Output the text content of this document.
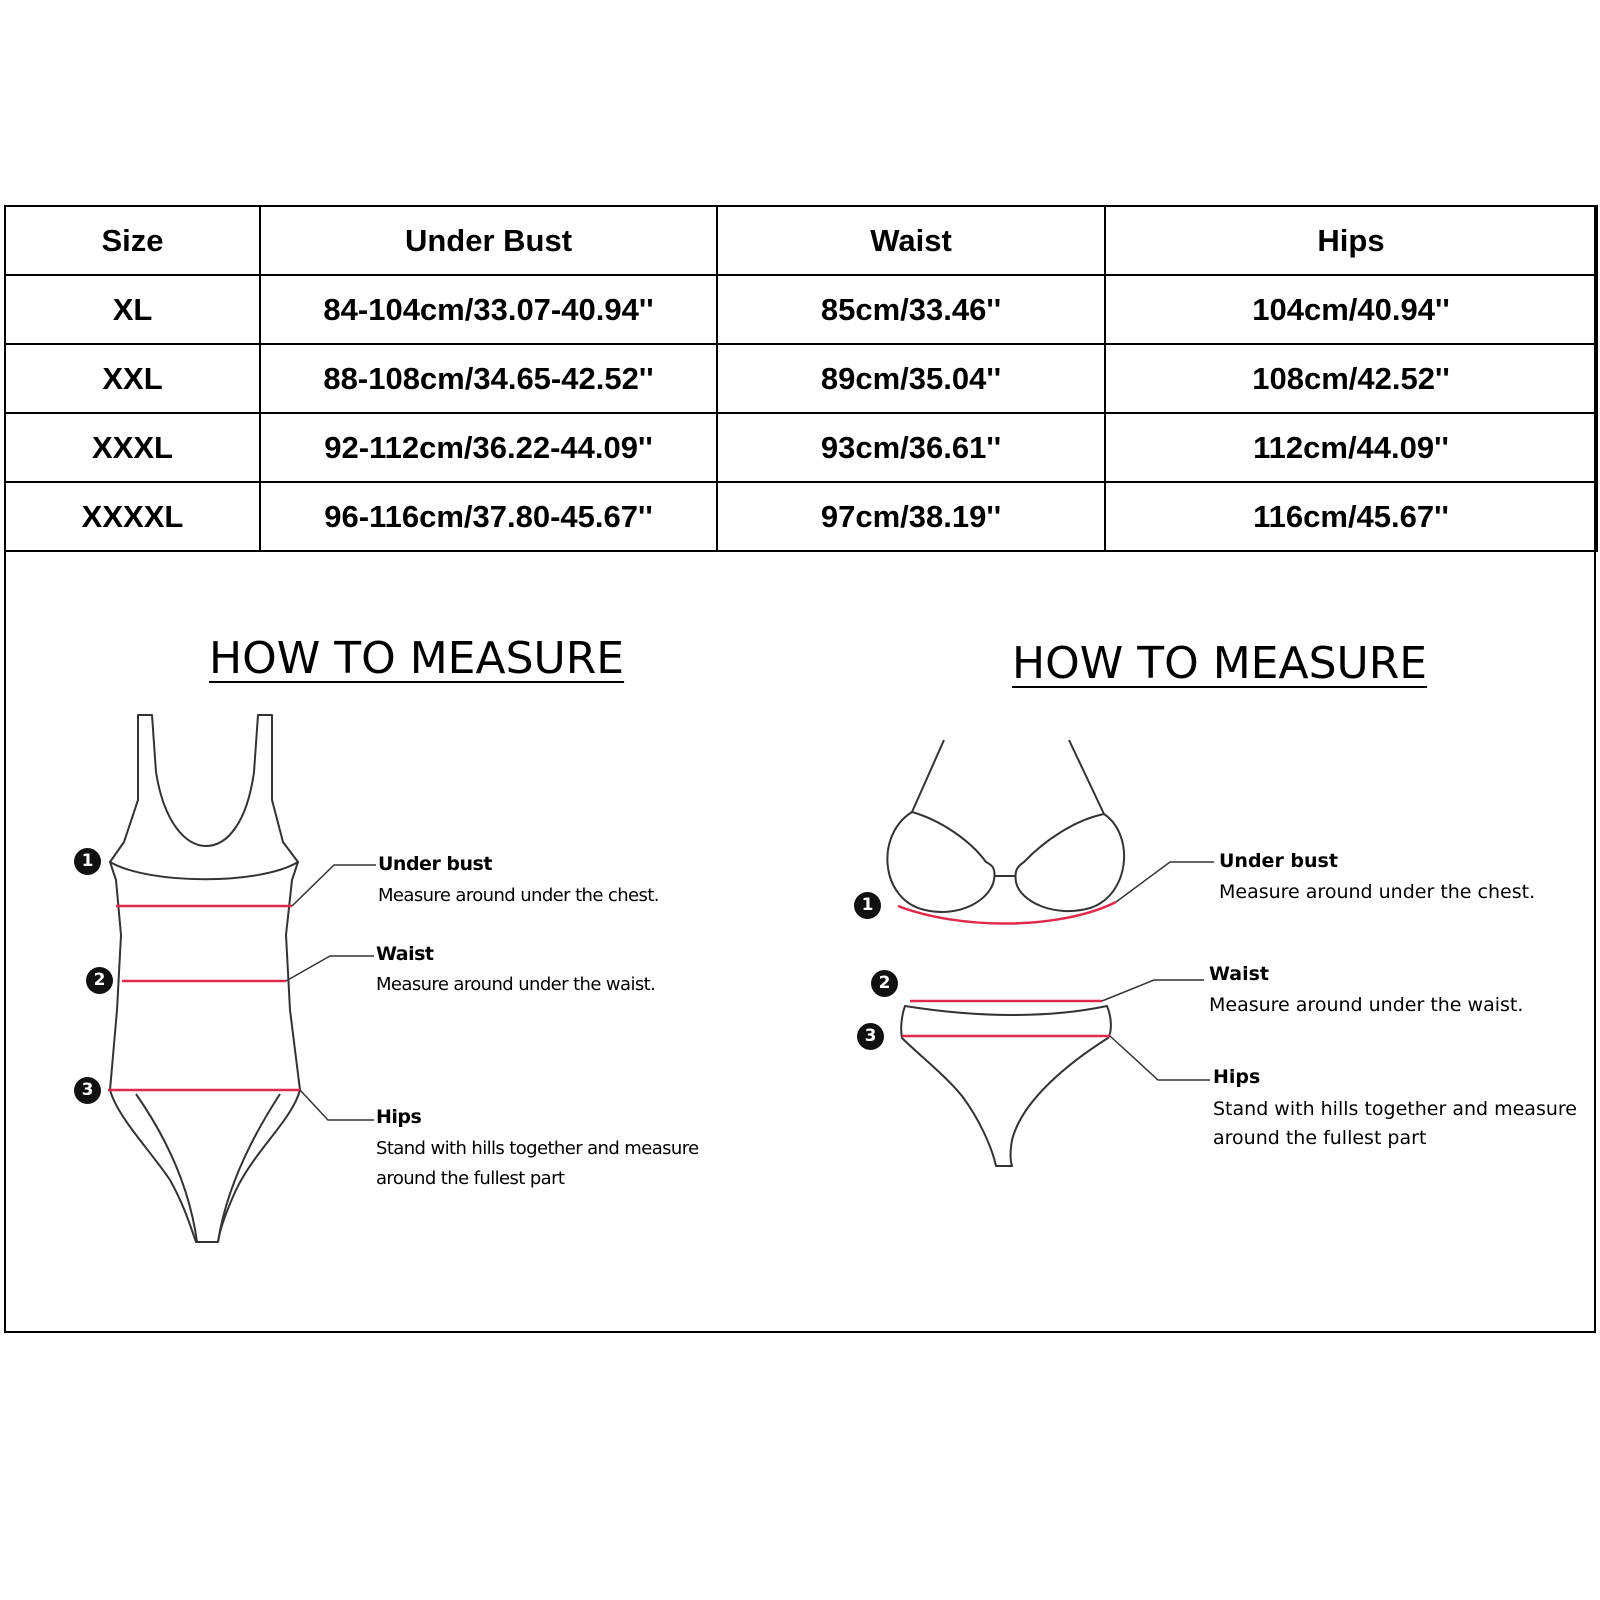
Size	Under Bust	Waist	Hips
XL	84-104cm/33.07-40.94''	85cm/33.46''	104cm/40.94''
XXL	88-108cm/34.65-42.52''	89cm/35.04''	108cm/42.52''
XXXL	92-112cm/36.22-44.09''	93cm/36.61''	112cm/44.09''
XXXXL	96-116cm/37.80-45.67''	97cm/38.19''	116cm/45.67''
HOW TO MEASURE
1
2
3
Under bust
Measure around under the chest.
Waist
Measure around under the waist.
Hips
Stand with hills together and measure
around the fullest part
HOW TO MEASURE
1
2
3
Under bust
Measure around under the chest.
Waist
Measure around under the waist.
Hips
Stand with hills together and measure
around the fullest part
